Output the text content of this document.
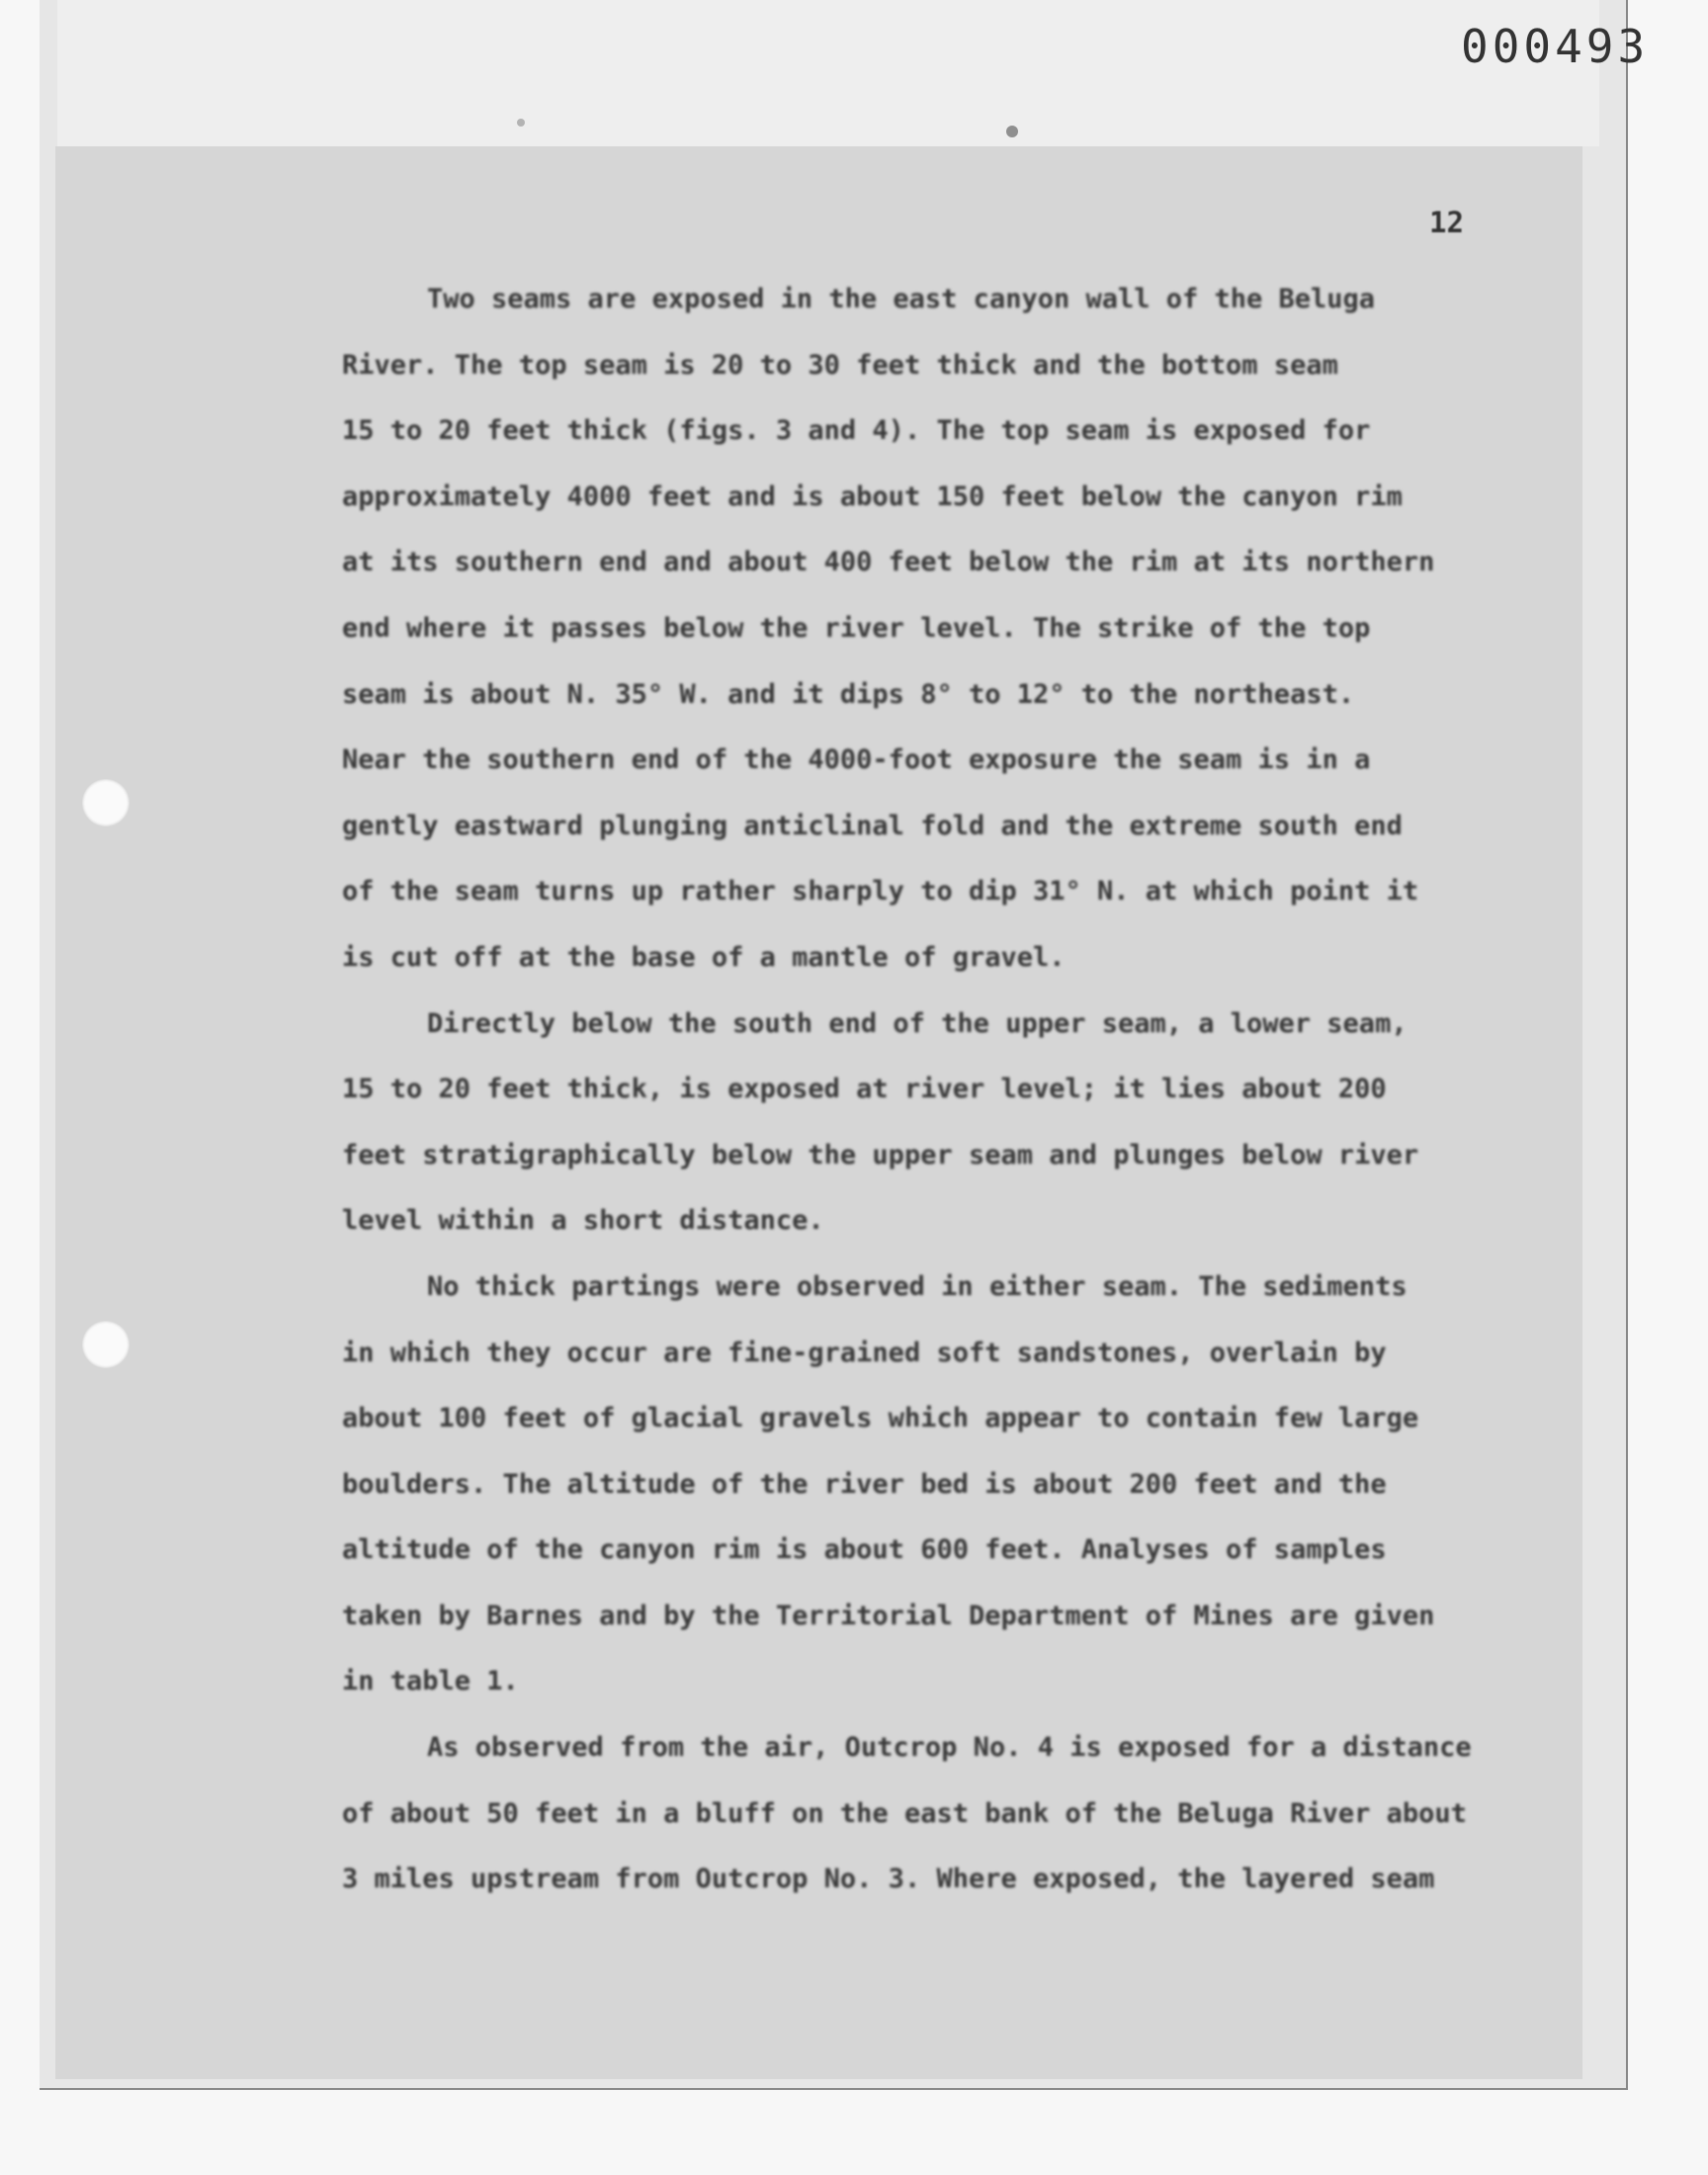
000493
12

Two seams are exposed in the east canyon wall of the Beluga
River. The top seam is 20 to 30 feet thick and the bottom seam
15 to 20 feet thick (figs. 3 and 4). The top seam is exposed for
approximately 4000 feet and is about 150 feet below the canyon rim
at its southern end and about 400 feet below the rim at its northern
end where it passes below the river level. The strike of the top
seam is about N. 35° W. and it dips 8° to 12° to the northeast.
Near the southern end of the 4000-foot exposure the seam is in a
gently eastward plunging anticlinal fold and the extreme south end
of the seam turns up rather sharply to dip 31° N. at which point it
is cut off at the base of a mantle of gravel.

Directly below the south end of the upper seam, a lower seam,
15 to 20 feet thick, is exposed at river level; it lies about 200
feet stratigraphically below the upper seam and plunges below river
level within a short distance.

No thick partings were observed in either seam. The sediments
in which they occur are fine-grained soft sandstones, overlain by
about 100 feet of glacial gravels which appear to contain few large
boulders. The altitude of the river bed is about 200 feet and the
altitude of the canyon rim is about 600 feet. Analyses of samples
taken by Barnes and by the Territorial Department of Mines are given
in table 1.

As observed from the air, Outcrop No. 4 is exposed for a distance
of about 50 feet in a bluff on the east bank of the Beluga River about
3 miles upstream from Outcrop No. 3. Where exposed, the layered seam
